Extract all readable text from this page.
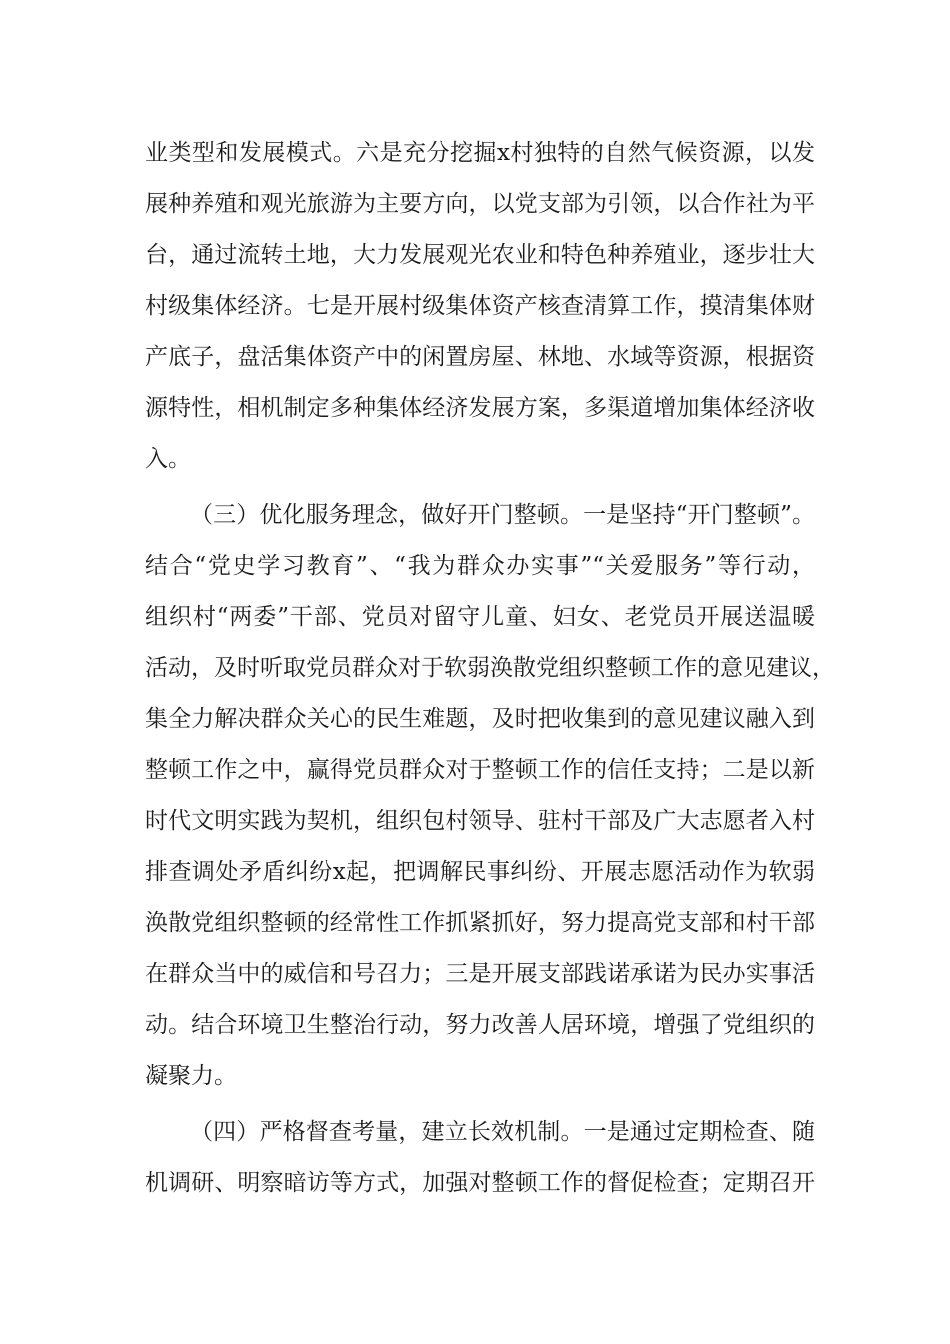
业类型和发展模式。六是充分挖掘x村独特的自然气候资源，以发
展种养殖和观光旅游为主要方向，以党支部为引领，以合作社为平
台，通过流转土地，大力发展观光农业和特色种养殖业，逐步壮大
村级集体经济。七是开展村级集体资产核查清算工作，摸清集体财
产底子，盘活集体资产中的闲置房屋、林地、水域等资源，根据资
源特性，相机制定多种集体经济发展方案，多渠道增加集体经济收
入。
（三）优化服务理念，做好开门整顿。一是坚持“开门整顿”。
结合“党史学习教育”、“我为群众办实事”“关爱服务”等行动，
组织村“两委”干部、党员对留守儿童、妇女、老党员开展送温暖
活动，及时听取党员群众对于软弱涣散党组织整顿工作的意见建议，
集全力解决群众关心的民生难题，及时把收集到的意见建议融入到
整顿工作之中，赢得党员群众对于整顿工作的信任支持；二是以新
时代文明实践为契机，组织包村领导、驻村干部及广大志愿者入村
排查调处矛盾纠纷x起，把调解民事纠纷、开展志愿活动作为软弱
涣散党组织整顿的经常性工作抓紧抓好，努力提高党支部和村干部
在群众当中的威信和号召力；三是开展支部践诺承诺为民办实事活
动。结合环境卫生整治行动，努力改善人居环境，增强了党组织的
凝聚力。
（四）严格督查考量，建立长效机制。一是通过定期检查、随
机调研、明察暗访等方式，加强对整顿工作的督促检查；定期召开
